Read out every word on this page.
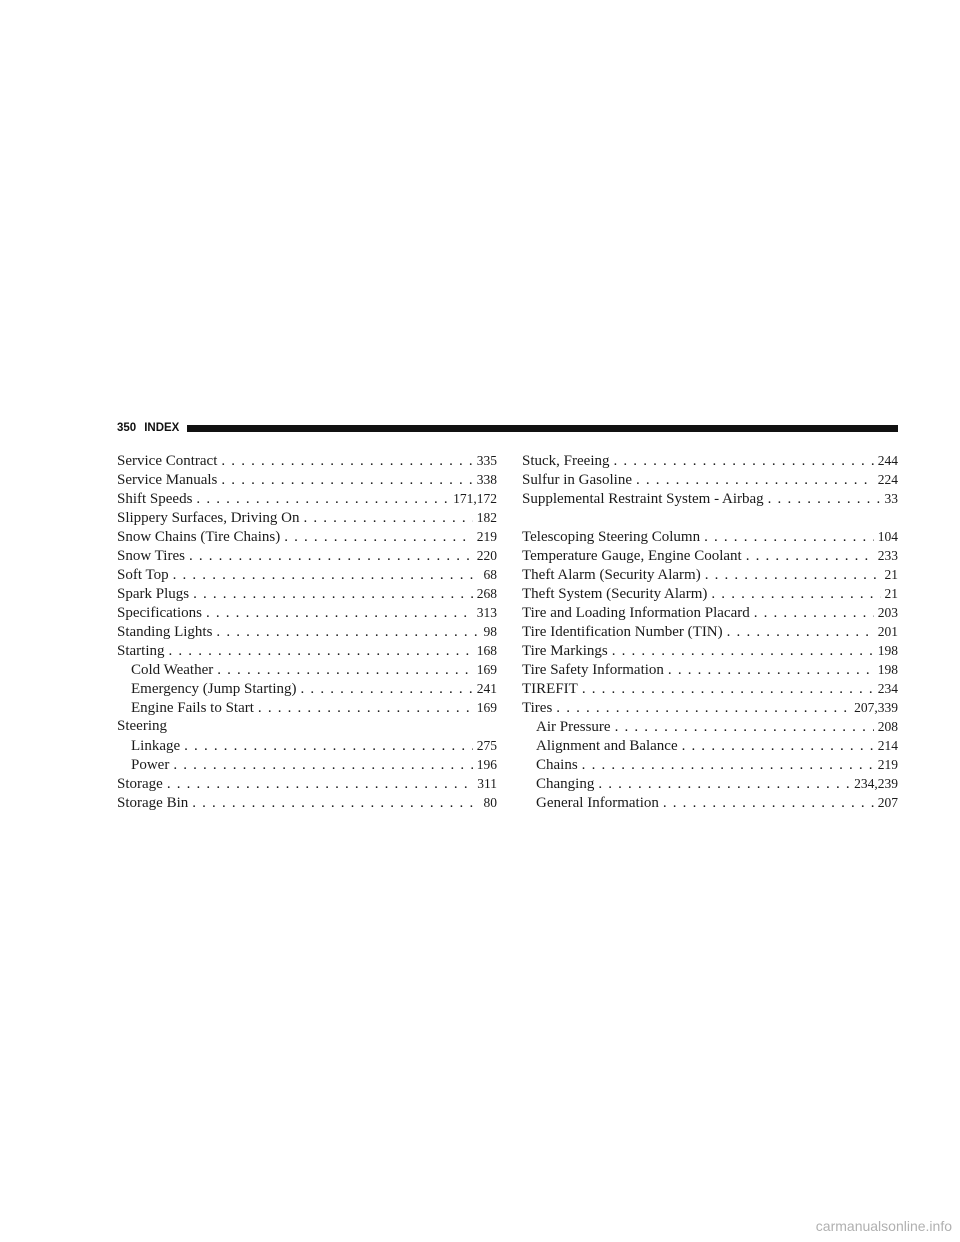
350 INDEX
Service Contract . . .	335
Service Manuals . . .	338
Shift Speeds . . .	171,172
Slippery Surfaces, Driving On . . .	182
Snow Chains (Tire Chains) . . .	219
Snow Tires . . .	220
Soft Top . . .	68
Spark Plugs . . .	268
Specifications . . .	313
Standing Lights . . .	98
Starting . . .	168
Cold Weather . . .	169
Emergency (Jump Starting) . . .	241
Engine Fails to Start . . .	169
Steering
Linkage . . .	275
Power . . .	196
Storage . . .	311
Storage Bin . . .	80
Stuck, Freeing . . .	244
Sulfur in Gasoline . . .	224
Supplemental Restraint System - Airbag . . .	33
Telescoping Steering Column . . .	104
Temperature Gauge, Engine Coolant . . .	233
Theft Alarm (Security Alarm) . . .	21
Theft System (Security Alarm) . . .	21
Tire and Loading Information Placard . . .	203
Tire Identification Number (TIN) . . .	201
Tire Markings . . .	198
Tire Safety Information . . .	198
TIREFIT . . .	234
Tires . . .	207,339
Air Pressure . . .	208
Alignment and Balance . . .	214
Chains . . .	219
Changing . . .	234,239
General Information . . .	207
carmanualsonline.info
